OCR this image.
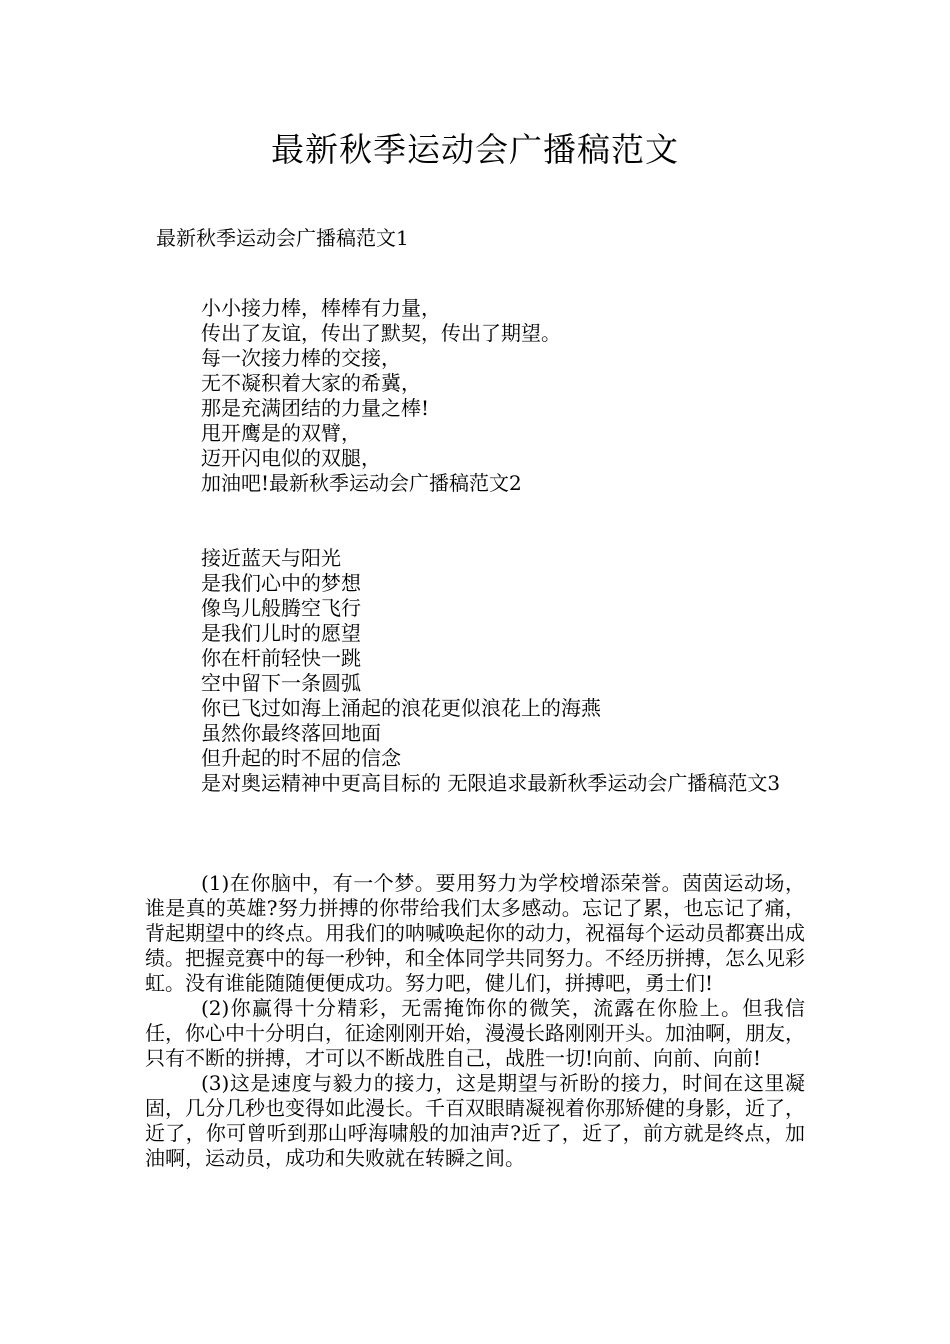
最新秋季运动会广播稿范文
最新秋季运动会广播稿范文1
小小接力棒，棒棒有力量，
传出了友谊，传出了默契，传出了期望。
每一次接力棒的交接，
无不凝积着大家的希冀，
那是充满团结的力量之棒!
甩开鹰是的双臂，
迈开闪电似的双腿，
加油吧!最新秋季运动会广播稿范文2
接近蓝天与阳光
是我们心中的梦想
像鸟儿般腾空飞行
是我们儿时的愿望
你在杆前轻快一跳
空中留下一条圆弧
你已飞过如海上涌起的浪花更似浪花上的海燕
虽然你最终落回地面
但升起的时不屈的信念

是对奥运精神中更高目标的 无限追求最新秋季运动会广播稿范文3

(1)在你脑中，有一个梦。要用努力为学校增添荣誉。茵茵运动场，谁是真的英雄?努力拼搏的你带给我们太多感动。忘记了累，也忘记了痛，背起期望中的终点。用我们的呐喊唤起你的动力，祝福每个运动员都赛出成绩。把握竞赛中的每一秒钟，和全体同学共同努力。不经历拼搏，怎么见彩虹。没有谁能随随便便成功。努力吧，健儿们，拼搏吧，勇士们!

(2)你赢得十分精彩，无需掩饰你的微笑，流露在你脸上。但我信任，你心中十分明白，征途刚刚开始，漫漫长路刚刚开头。加油啊，朋友，只有不断的拼搏，才可以不断战胜自己，战胜一切!向前、向前、向前!

(3)这是速度与毅力的接力，这是期望与祈盼的接力，时间在这里凝固，几分几秒也变得如此漫长。千百双眼睛凝视着你那矫健的身影，近了，近了，你可曾听到那山呼海啸般的加油声?近了，近了，前方就是终点，加油啊，运动员，成功和失败就在转瞬之间。
